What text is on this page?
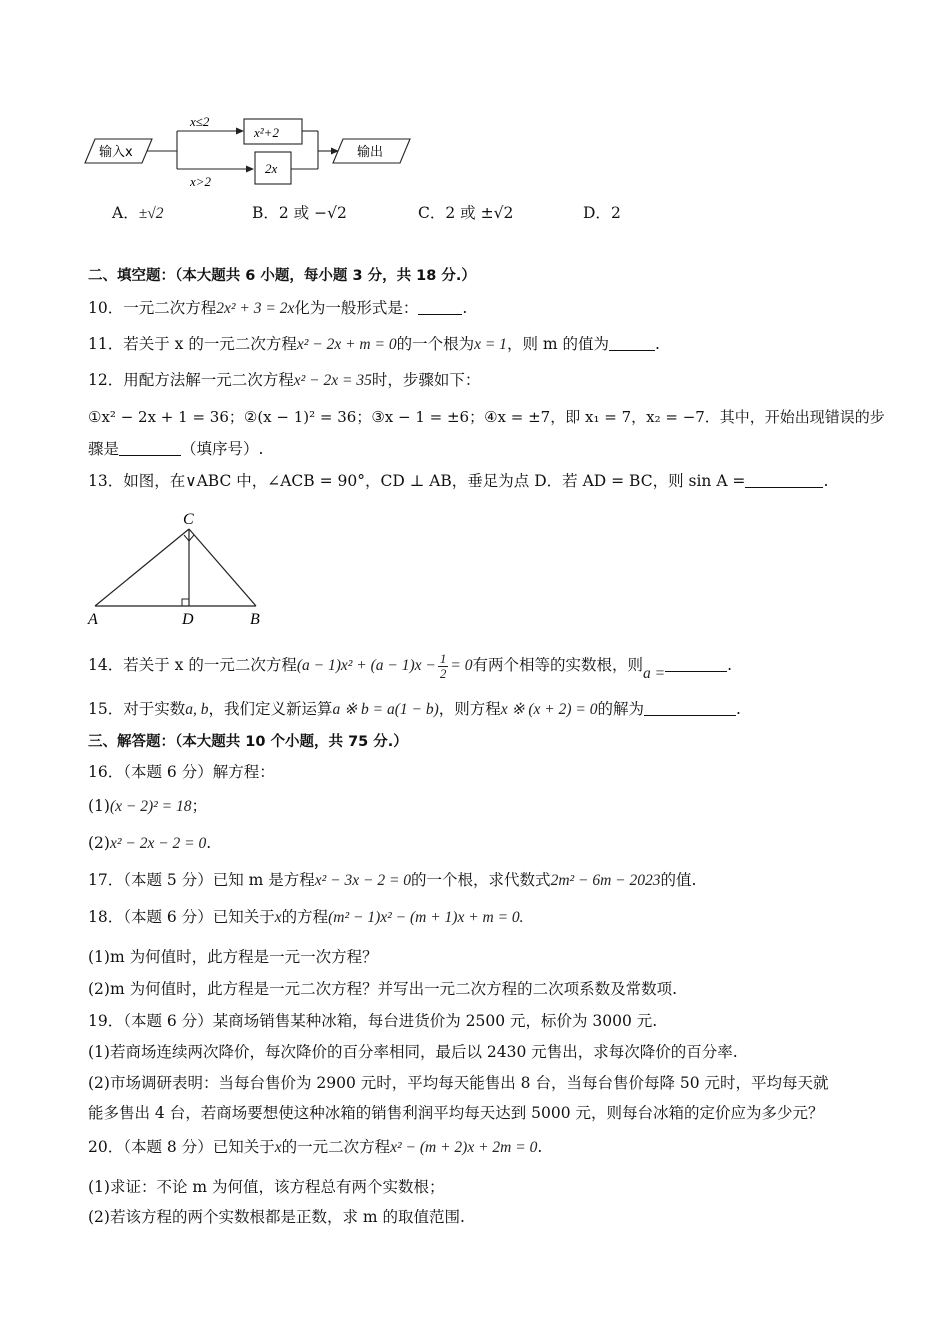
输入x
x≤2
x>2
x²+2
2x
输出
A．±√2	B．2 或 −√2	C．2 或 ±√2	D．2
二、填空题：（本大题共 6 小题，每小题 3 分，共 18 分.）
10．一元二次方程2x² + 3 = 2x化为一般形式是：	.
11．若关于 x 的一元二次方程x² − 2x + m = 0的一个根为x = 1，则 m 的值为	.
12．用配方法解一元二次方程x² − 2x = 35时，步骤如下：
①x² − 2x + 1 = 36；②(x − 1)² = 36；③x − 1 = ±6；④x = ±7，即 x₁ = 7，x₂ = −7．其中，开始出现错误的步
骤是	（填序号）.
13．如图，在∨ABC 中，∠ACB = 90°，CD ⊥ AB，垂足为点 D．若 AD = BC，则 sin A =	.
C
A	D	B
14．若关于 x 的一元二次方程$(a - 1)x^2 + (a - 1)x - \frac{1}{2} = 0$有两个相等的实数根，则a =	.
15．对于实数a, b，我们定义新运算a ※ b = a(1 − b)，则方程x ※ (x + 2) = 0的解为	.
三、解答题：（本大题共 10 个小题，共 75 分.）
16．（本题 6 分）解方程：
(1)(x − 2)² = 18；
(2)x² − 2x − 2 = 0.
17．（本题 5 分）已知 m 是方程x² − 3x − 2 = 0的一个根，求代数式2m² − 6m − 2023的值.
18．（本题 6 分）已知关于x的方程(m² − 1)x² − (m + 1)x + m = 0.
(1)m 为何值时，此方程是一元一次方程？
(2)m 为何值时，此方程是一元二次方程？并写出一元二次方程的二次项系数及常数项.
19．（本题 6 分）某商场销售某种冰箱，每台进货价为 2500 元，标价为 3000 元.
(1)若商场连续两次降价，每次降价的百分率相同，最后以 2430 元售出，求每次降价的百分率.
(2)市场调研表明：当每台售价为 2900 元时，平均每天能售出 8 台，当每台售价每降 50 元时，平均每天就
能多售出 4 台，若商场要想使这种冰箱的销售利润平均每天达到 5000 元，则每台冰箱的定价应为多少元？
20．（本题 8 分）已知关于x的一元二次方程x² − (m + 2)x + 2m = 0.
(1)求证：不论 m 为何值，该方程总有两个实数根；
(2)若该方程的两个实数根都是正数，求 m 的取值范围.
